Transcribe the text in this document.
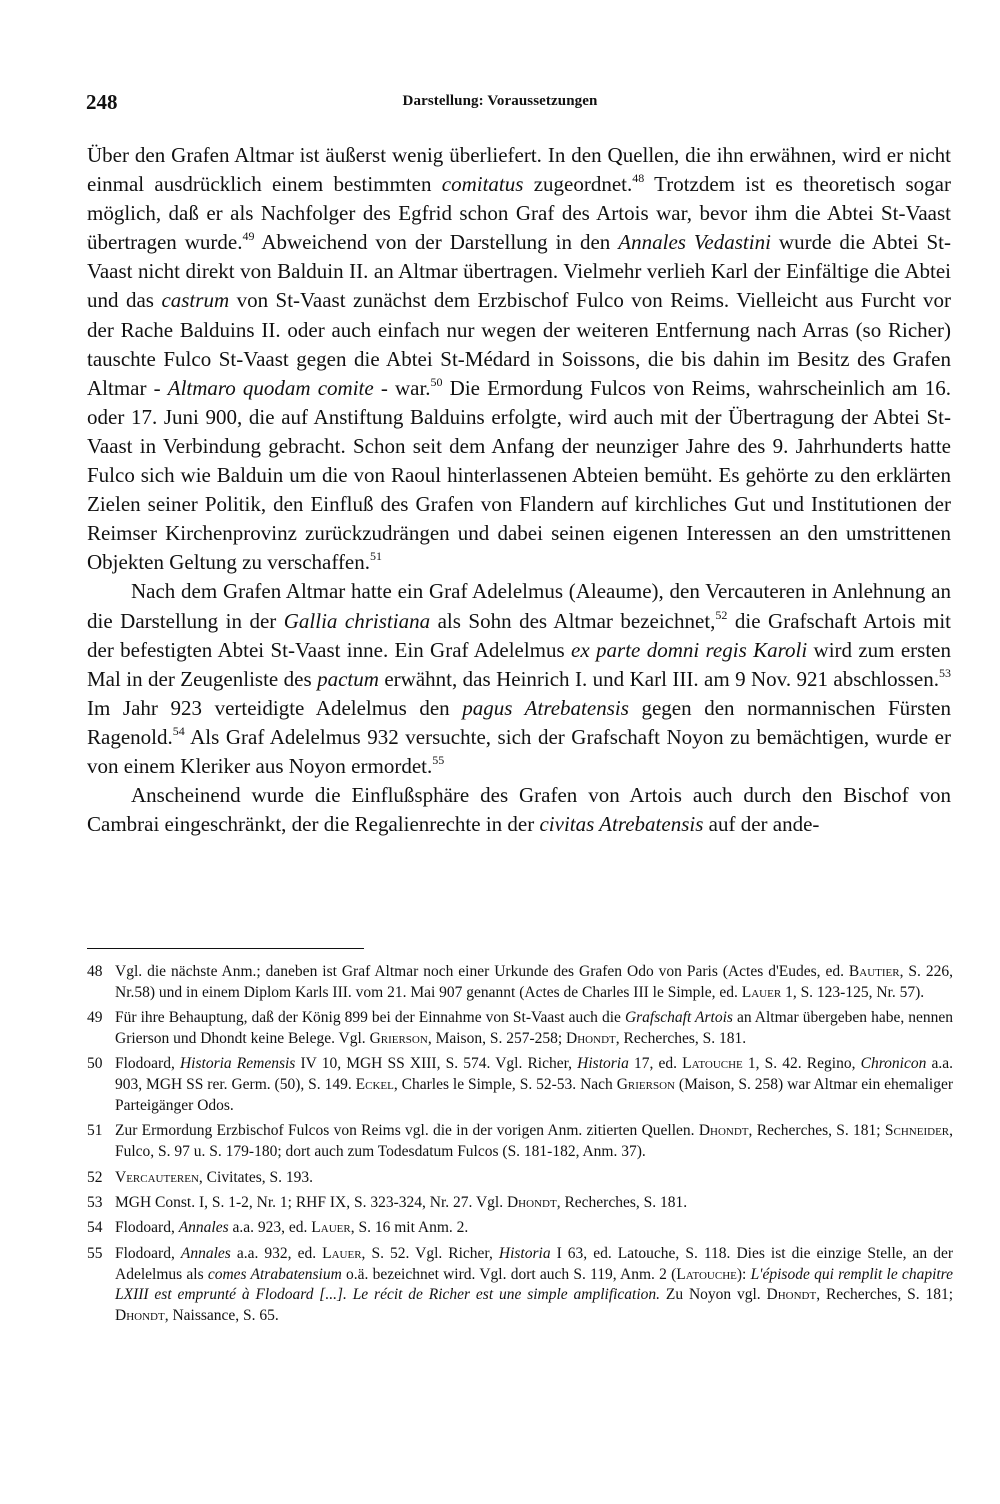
248	Darstellung: Voraussetzungen

Über den Grafen Altmar ist äußerst wenig überliefert. In den Quellen, die ihn erwähnen, wird er nicht einmal ausdrücklich einem bestimmten comitatus zugeordnet.$^{48}$ Trotzdem ist es theoretisch sogar möglich, daß er als Nachfolger des Egfrid schon Graf des Artois war, bevor ihm die Abtei St-Vaast übertragen wurde.$^{49}$ Abweichend von der Darstellung in den Annales Vedastini wurde die Abtei St-Vaast nicht direkt von Balduin II. an Altmar übertragen. Vielmehr verlieh Karl der Einfältige die Abtei und das castrum von St-Vaast zunächst dem Erzbischof Fulco von Reims. Vielleicht aus Furcht vor der Rache Balduins II. oder auch einfach nur wegen der weiteren Entfernung nach Arras (so Richer) tauschte Fulco St-Vaast gegen die Abtei St-Médard in Soissons, die bis dahin im Besitz des Grafen Altmar - Altmaro quodam comite - war.$^{50}$ Die Ermordung Fulcos von Reims, wahrscheinlich am 16. oder 17. Juni 900, die auf Anstiftung Balduins erfolgte, wird auch mit der Übertragung der Abtei St-Vaast in Verbindung gebracht. Schon seit dem Anfang der neunziger Jahre des 9. Jahrhunderts hatte Fulco sich wie Balduin um die von Raoul hinterlassenen Abteien bemüht. Es gehörte zu den erklärten Zielen seiner Politik, den Einfluß des Grafen von Flandern auf kirchliches Gut und Institutionen der Reimser Kirchenprovinz zurückzudrängen und dabei seinen eigenen Interessen an den umstrittenen Objekten Geltung zu verschaffen.$^{51}$

Nach dem Grafen Altmar hatte ein Graf Adelelmus (Aleaume), den Vercauteren in Anlehnung an die Darstellung in der Gallia christiana als Sohn des Altmar bezeichnet,$^{52}$ die Grafschaft Artois mit der befestigten Abtei St-Vaast inne. Ein Graf Adelelmus ex parte domni regis Karoli wird zum ersten Mal in der Zeugenliste des pactum erwähnt, das Heinrich I. und Karl III. am 9 Nov. 921 abschlossen.$^{53}$ Im Jahr 923 verteidigte Adelelmus den pagus Atrebatensis gegen den normannischen Fürsten Ragenold.$^{54}$ Als Graf Adelelmus 932 versuchte, sich der Grafschaft Noyon zu bemächtigen, wurde er von einem Kleriker aus Noyon ermordet.$^{55}$

Anscheinend wurde die Einflußsphäre des Grafen von Artois auch durch den Bischof von Cambrai eingeschränkt, der die Regalienrechte in der civitas Atrebatensis auf der ande-

48 Vgl. die nächste Anm.; daneben ist Graf Altmar noch einer Urkunde des Grafen Odo von Paris (Actes d'Eudes, ed. Bautier, S. 226, Nr.58) und in einem Diplom Karls III. vom 21. Mai 907 genannt (Actes de Charles III le Simple, ed. Lauer 1, S. 123-125, Nr. 57).
49 Für ihre Behauptung, daß der König 899 bei der Einnahme von St-Vaast auch die Grafschaft Artois an Altmar übergeben habe, nennen Grierson und Dhondt keine Belege. Vgl. Grierson, Maison, S. 257-258; Dhondt, Recherches, S. 181.
50 Flodoard, Historia Remensis IV 10, MGH SS XIII, S. 574. Vgl. Richer, Historia 17, ed. Latouche 1, S. 42. Regino, Chronicon a.a. 903, MGH SS rer. Germ. (50), S. 149. Eckel, Charles le Simple, S. 52-53. Nach Grierson (Maison, S. 258) war Altmar ein ehemaliger Parteigänger Odos.
51 Zur Ermordung Erzbischof Fulcos von Reims vgl. die in der vorigen Anm. zitierten Quellen. Dhondt, Recherches, S. 181; Schneider, Fulco, S. 97 u. S. 179-180; dort auch zum Todesdatum Fulcos (S. 181-182, Anm. 37).
52 Vercauteren, Civitates, S. 193.
53 MGH Const. I, S. 1-2, Nr. 1; RHF IX, S. 323-324, Nr. 27. Vgl. Dhondt, Recherches, S. 181.
54 Flodoard, Annales a.a. 923, ed. Lauer, S. 16 mit Anm. 2.
55 Flodoard, Annales a.a. 932, ed. Lauer, S. 52. Vgl. Richer, Historia I 63, ed. Latouche, S. 118. Dies ist die einzige Stelle, an der Adelelmus als comes Atrabatensium o.ä. bezeichnet wird. Vgl. dort auch S. 119, Anm. 2 (Latouche): L'épisode qui remplit le chapitre LXIII est emprunté à Flodoard [...]. Le récit de Richer est une simple amplification. Zu Noyon vgl. Dhondt, Recherches, S. 181; Dhondt, Naissance, S. 65.
